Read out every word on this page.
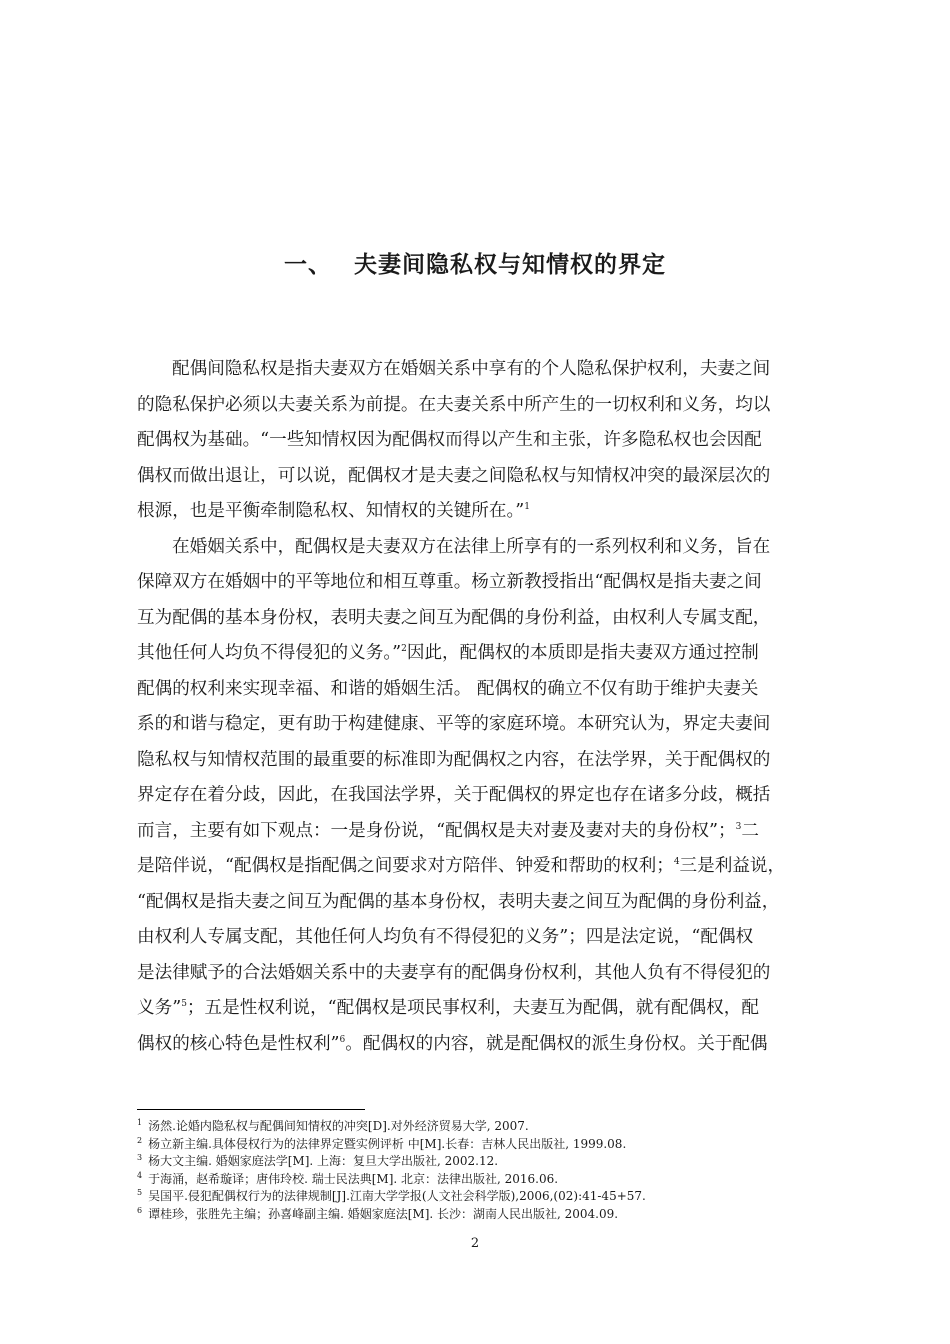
一、 夫妻间隐私权与知情权的界定
配偶间隐私权是指夫妻双方在婚姻关系中享有的个人隐私保护权利，夫妻之间
的隐私保护必须以夫妻关系为前提。在夫妻关系中所产生的一切权利和义务，均以
配偶权为基础。“一些知情权因为配偶权而得以产生和主张，许多隐私权也会因配
偶权而做出退让，可以说，配偶权才是夫妻之间隐私权与知情权冲突的最深层次的
根源，也是平衡牵制隐私权、知情权的关键所在。”$^1$
在婚姻关系中，配偶权是夫妻双方在法律上所享有的一系列权利和义务，旨在
保障双方在婚姻中的平等地位和相互尊重。杨立新教授指出“配偶权是指夫妻之间
互为配偶的基本身份权，表明夫妻之间互为配偶的身份利益，由权利人专属支配，
其他任何人均负不得侵犯的义务。”$^2$因此，配偶权的本质即是指夫妻双方通过控制
配偶的权利来实现幸福、和谐的婚姻生活。 配偶权的确立不仅有助于维护夫妻关
系的和谐与稳定，更有助于构建健康、平等的家庭环境。本研究认为，界定夫妻间
隐私权与知情权范围的最重要的标准即为配偶权之内容，在法学界，关于配偶权的
界定存在着分歧，因此，在我国法学界，关于配偶权的界定也存在诸多分歧，概括
而言，主要有如下观点：一是身份说，“配偶权是夫对妻及妻对夫的身份权”；$^3$二
是陪伴说，“配偶权是指配偶之间要求对方陪伴、钟爱和帮助的权利；$^4$三是利益说，
“配偶权是指夫妻之间互为配偶的基本身份权，表明夫妻之间互为配偶的身份利益，
由权利人专属支配，其他任何人均负有不得侵犯的义务”；四是法定说，“配偶权
是法律赋予的合法婚姻关系中的夫妻享有的配偶身份权利，其他人负有不得侵犯的
义务”$^5$；五是性权利说，“配偶权是项民事权利，夫妻互为配偶，就有配偶权，配
偶权的核心特色是性权利”$^6$。配偶权的内容，就是配偶权的派生身份权。关于配偶
$^1$ 汤然.论婚内隐私权与配偶间知情权的冲突[D].对外经济贸易大学, 2007.
$^2$ 杨立新主编.具体侵权行为的法律界定暨实例评析 中[M].长春：吉林人民出版社, 1999.08.
$^3$ 杨大文主编. 婚姻家庭法学[M]. 上海：复旦大学出版社, 2002.12.
$^4$ 于海涌，赵希璇译；唐伟玲校. 瑞士民法典[M]. 北京：法律出版社, 2016.06.
$^5$ 吴国平.侵犯配偶权行为的法律规制[J].江南大学学报(人文社会科学版),2006,(02):41-45+57.
$^6$ 谭桂珍，张胜先主编；孙喜峰副主编. 婚姻家庭法[M]. 长沙：湖南人民出版社, 2004.09.
2
